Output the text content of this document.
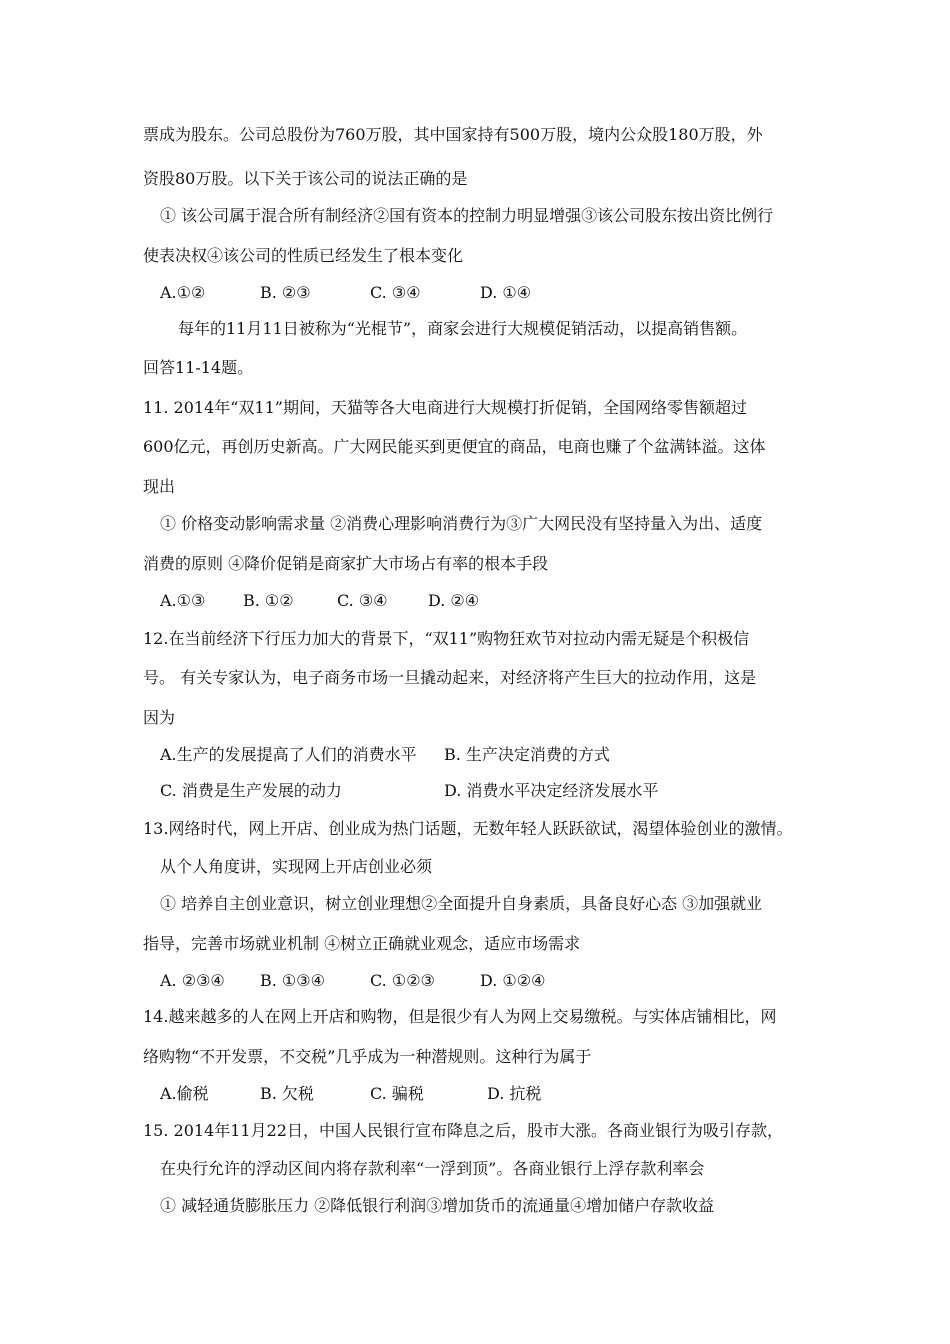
票成为股东。公司总股份为760万股，其中国家持有500万股，境内公众股180万股，外
资股80万股。以下关于该公司的说法正确的是
① 该公司属于混合所有制经济②国有资本的控制力明显增强③该公司股东按出资比例行
使表决权④该公司的性质已经发生了根本变化
A.①②	B. ②③	C. ③④	D. ①④
每年的11月11日被称为“光棍节”，商家会进行大规模促销活动，以提高销售额。
回答11-14题。
11. 2014年“双11”期间，天猫等各大电商进行大规模打折促销，全国网络零售额超过
600亿元，再创历史新高。广大网民能买到更便宜的商品，电商也赚了个盆满钵溢。这体
现出
① 价格变动影响需求量 ②消费心理影响消费行为③广大网民没有坚持量入为出、适度
消费的原则 ④降价促销是商家扩大市场占有率的根本手段
A.①③ B. ①②	C. ③④	D. ②④
12.在当前经济下行压力加大的背景下，“双11”购物狂欢节对拉动内需无疑是个积极信
号。 有关专家认为，电子商务市场一旦撬动起来，对经济将产生巨大的拉动作用，这是
因为
A.生产的发展提高了人们的消费水平 B. 生产决定消费的方式
C. 消费是生产发展的动力	D. 消费水平决定经济发展水平
13.网络时代，网上开店、创业成为热门话题，无数年轻人跃跃欲试，渴望体验创业的激情。
从个人角度讲，实现网上开店创业必须
① 培养自主创业意识，树立创业理想②全面提升自身素质，具备良好心态 ③加强就业
指导，完善市场就业机制 ④树立正确就业观念，适应市场需求
A. ②③④ B. ①③④	C. ①②③	D. ①②④
14.越来越多的人在网上开店和购物，但是很少有人为网上交易缴税。与实体店铺相比，网
络购物“不开发票，不交税”几乎成为一种潜规则。这种行为属于
A.偷税	B. 欠税	C. 骗税	D. 抗税
15. 2014年11月22日，中国人民银行宣布降息之后，股市大涨。各商业银行为吸引存款，
在央行允许的浮动区间内将存款利率“一浮到顶”。各商业银行上浮存款利率会
① 减轻通货膨胀压力 ②降低银行利润③增加货币的流通量④增加储户存款收益
